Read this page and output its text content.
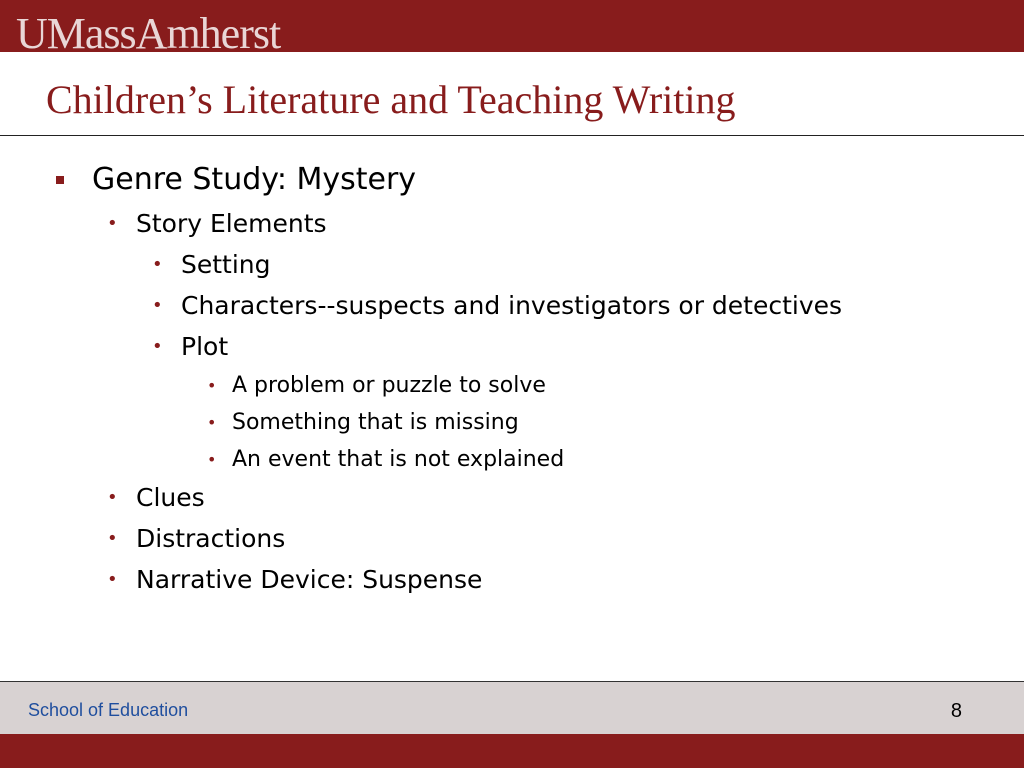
UMassAmherst
Children’s Literature and Teaching Writing
Genre Study: Mystery
• Story Elements
• Setting
• Characters--suspects and investigators or detectives
• Plot
• A problem or puzzle to solve
• Something that is missing
• An event that is not explained
• Clues
• Distractions
• Narrative Device: Suspense
School of Education	8
